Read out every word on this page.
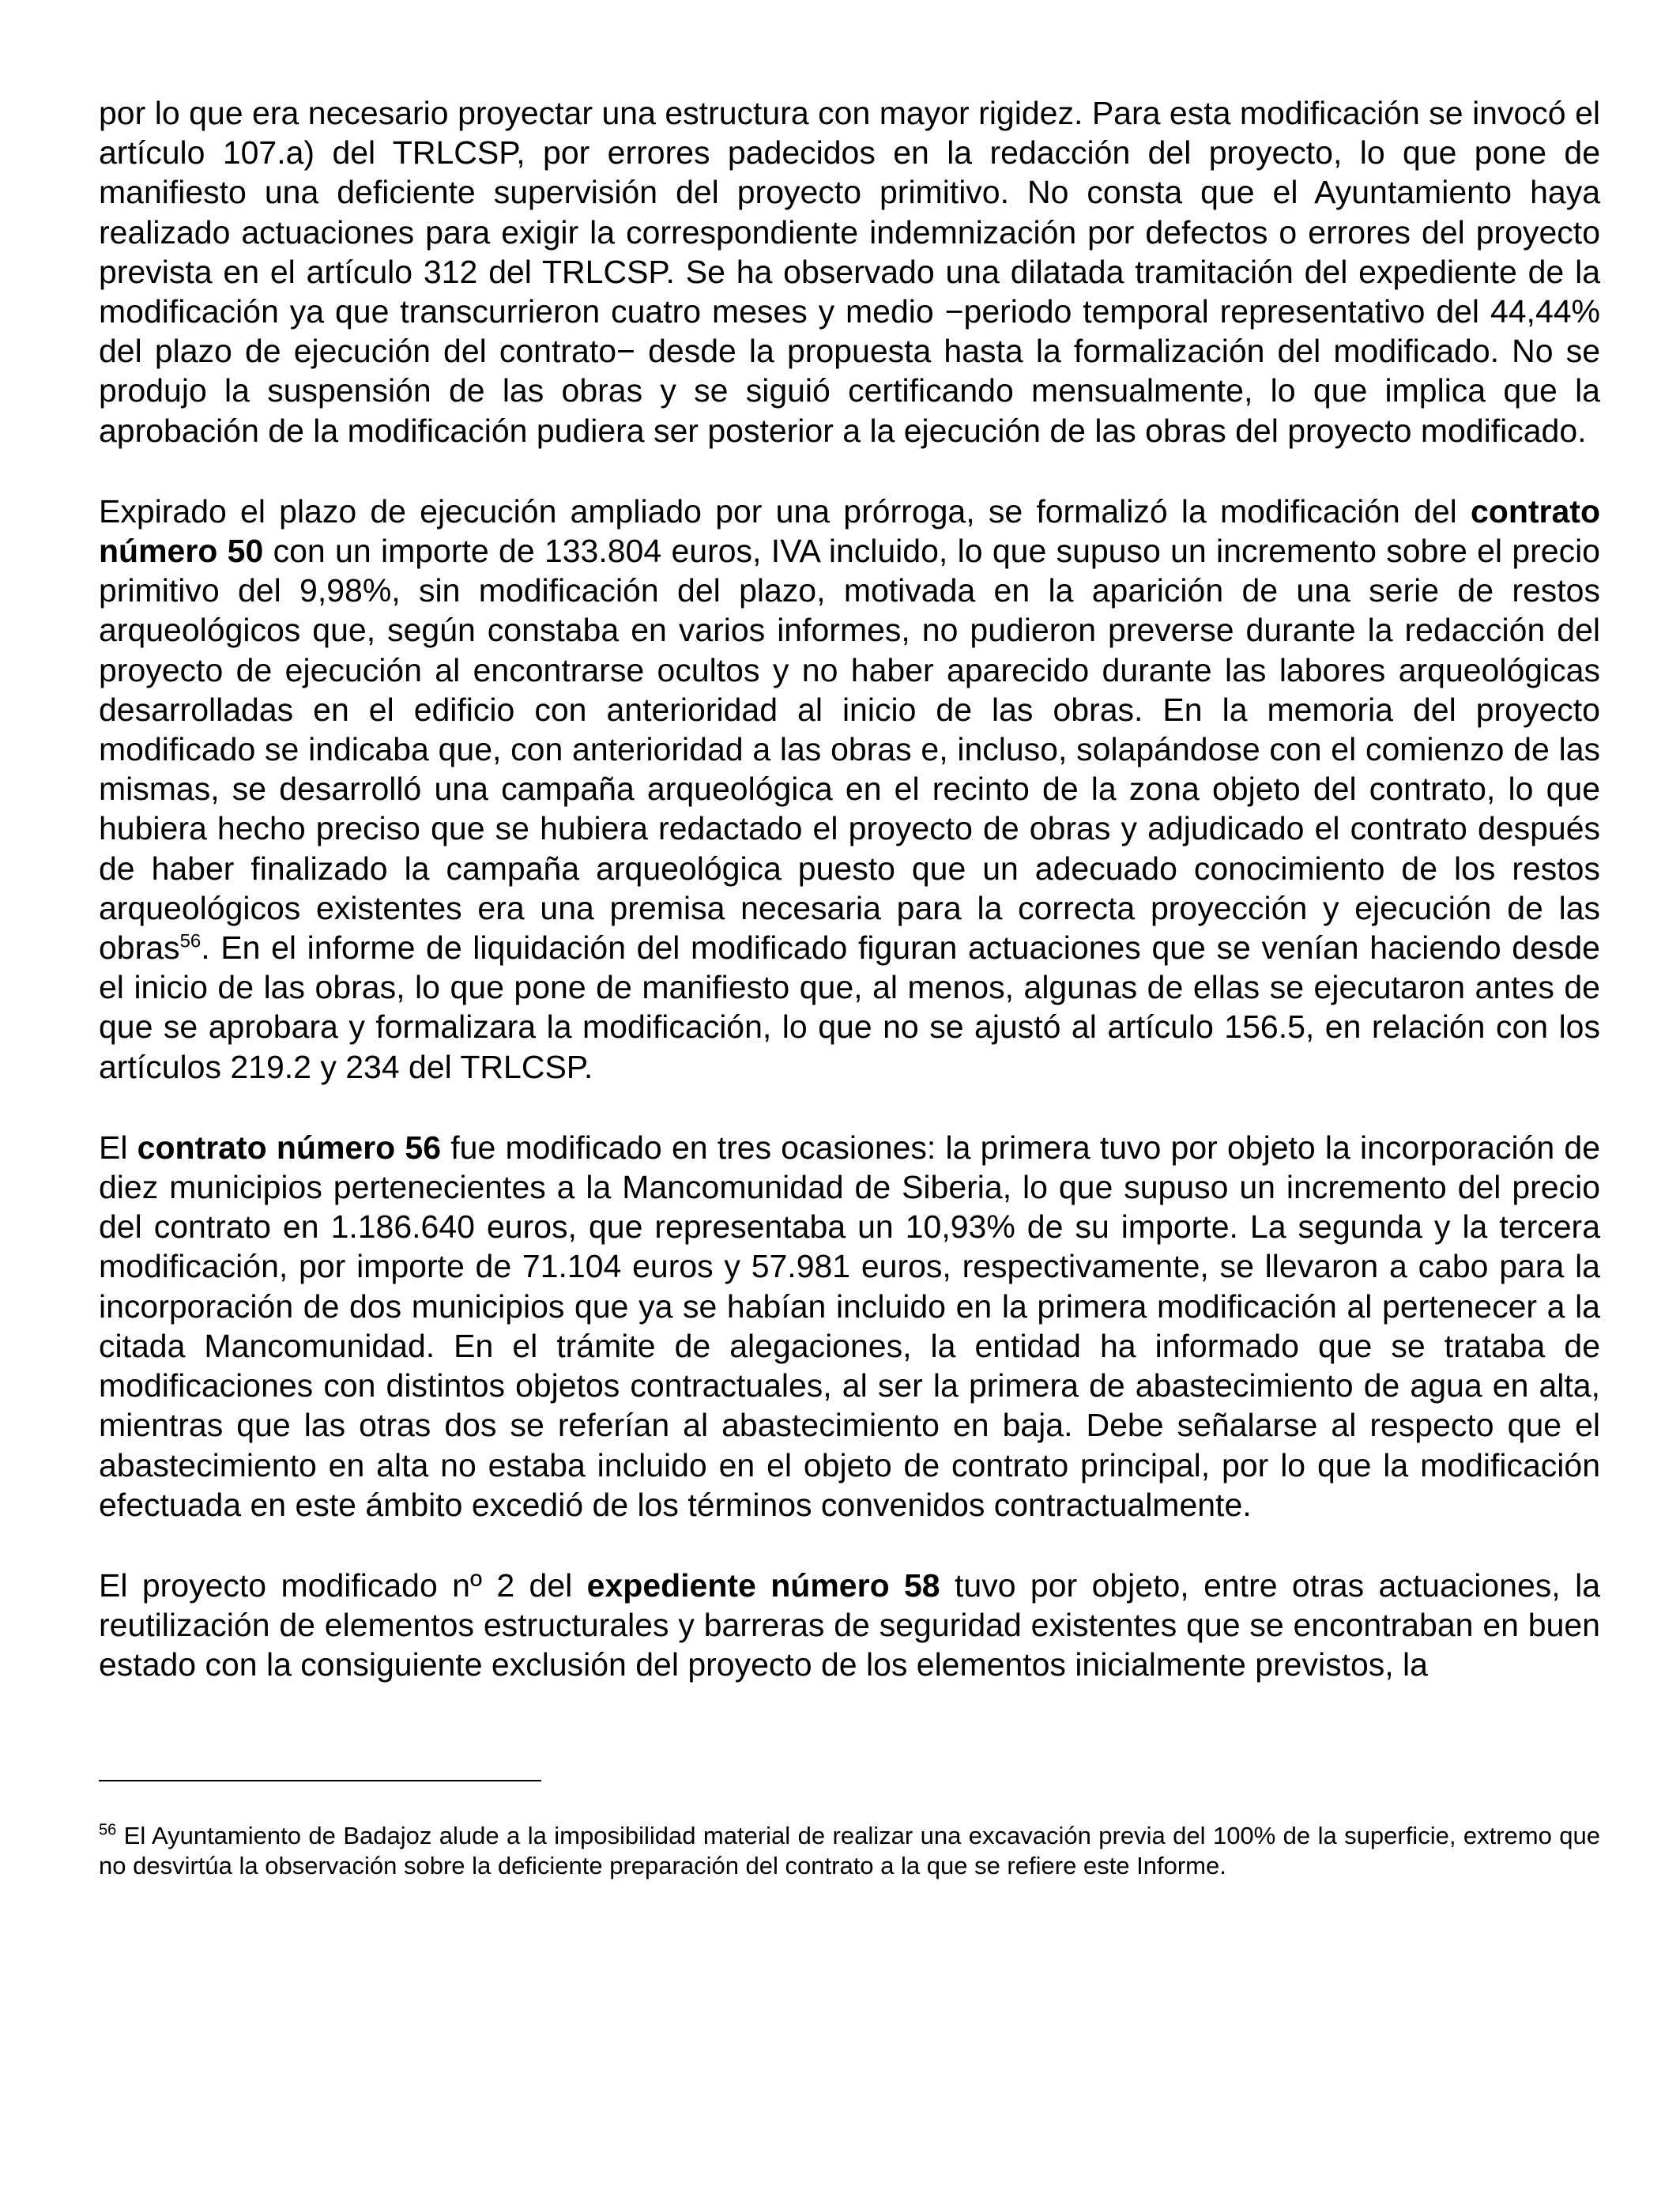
por lo que era necesario proyectar una estructura con mayor rigidez. Para esta modificación se invocó el artículo 107.a) del TRLCSP, por errores padecidos en la redacción del proyecto, lo que pone de manifiesto una deficiente supervisión del proyecto primitivo. No consta que el Ayuntamiento haya realizado actuaciones para exigir la correspondiente indemnización por defectos o errores del proyecto prevista en el artículo 312 del TRLCSP. Se ha observado una dilatada tramitación del expediente de la modificación ya que transcurrieron cuatro meses y medio −periodo temporal representativo del 44,44% del plazo de ejecución del contrato− desde la propuesta hasta la formalización del modificado. No se produjo la suspensión de las obras y se siguió certificando mensualmente, lo que implica que la aprobación de la modificación pudiera ser posterior a la ejecución de las obras del proyecto modificado.

Expirado el plazo de ejecución ampliado por una prórroga, se formalizó la modificación del contrato número 50 con un importe de 133.804 euros, IVA incluido, lo que supuso un incremento sobre el precio primitivo del 9,98%, sin modificación del plazo, motivada en la aparición de una serie de restos arqueológicos que, según constaba en varios informes, no pudieron preverse durante la redacción del proyecto de ejecución al encontrarse ocultos y no haber aparecido durante las labores arqueológicas desarrolladas en el edificio con anterioridad al inicio de las obras. En la memoria del proyecto modificado se indicaba que, con anterioridad a las obras e, incluso, solapándose con el comienzo de las mismas, se desarrolló una campaña arqueológica en el recinto de la zona objeto del contrato, lo que hubiera hecho preciso que se hubiera redactado el proyecto de obras y adjudicado el contrato después de haber finalizado la campaña arqueológica puesto que un adecuado conocimiento de los restos arqueológicos existentes era una premisa necesaria para la correcta proyección y ejecución de las obras$^{56}$. En el informe de liquidación del modificado figuran actuaciones que se venían haciendo desde el inicio de las obras, lo que pone de manifiesto que, al menos, algunas de ellas se ejecutaron antes de que se aprobara y formalizara la modificación, lo que no se ajustó al artículo 156.5, en relación con los artículos 219.2 y 234 del TRLCSP.

El contrato número 56 fue modificado en tres ocasiones: la primera tuvo por objeto la incorporación de diez municipios pertenecientes a la Mancomunidad de Siberia, lo que supuso un incremento del precio del contrato en 1.186.640 euros, que representaba un 10,93% de su importe. La segunda y la tercera modificación, por importe de 71.104 euros y 57.981 euros, respectivamente, se llevaron a cabo para la incorporación de dos municipios que ya se habían incluido en la primera modificación al pertenecer a la citada Mancomunidad. En el trámite de alegaciones, la entidad ha informado que se trataba de modificaciones con distintos objetos contractuales, al ser la primera de abastecimiento de agua en alta, mientras que las otras dos se referían al abastecimiento en baja. Debe señalarse al respecto que el abastecimiento en alta no estaba incluido en el objeto de contrato principal, por lo que la modificación efectuada en este ámbito excedió de los términos convenidos contractualmente.

El proyecto modificado nº 2 del expediente número 58 tuvo por objeto, entre otras actuaciones, la reutilización de elementos estructurales y barreras de seguridad existentes que se encontraban en buen estado con la consiguiente exclusión del proyecto de los elementos inicialmente previstos, la

$^{56}$ El Ayuntamiento de Badajoz alude a la imposibilidad material de realizar una excavación previa del 100% de la superficie, extremo que no desvirtúa la observación sobre la deficiente preparación del contrato a la que se refiere este Informe.
